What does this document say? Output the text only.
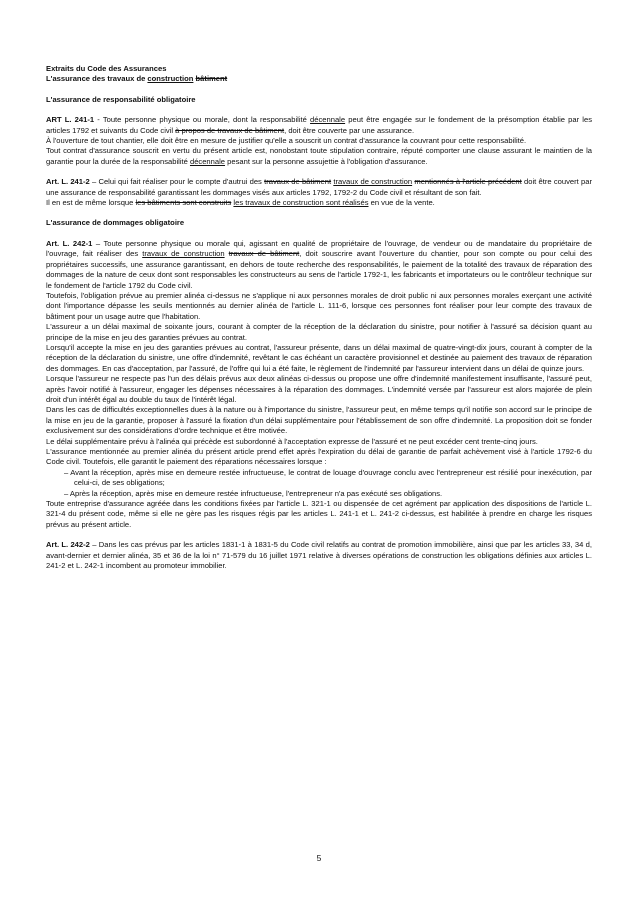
Extraits du Code des Assurances

L'assurance des travaux de construction bâtiment

L'assurance de responsabilité obligatoire

ART L. 241-1 - Toute personne physique ou morale, dont la responsabilité décennale peut être engagée sur le fondement de la présomption établie par les articles 1792 et suivants du Code civil à propos de travaux de bâtiment, doit être couverte par une assurance.

À l'ouverture de tout chantier, elle doit être en mesure de justifier qu'elle a souscrit un contrat d'assurance la couvrant pour cette responsabilité.

Tout contrat d'assurance souscrit en vertu du présent article est, nonobstant toute stipulation contraire, réputé comporter une clause assurant le maintien de la garantie pour la durée de la responsabilité décennale pesant sur la personne assujettie à l'obligation d'assurance.

Art. L. 241-2 – Celui qui fait réaliser pour le compte d'autrui des travaux de bâtiment travaux de construction mentionnés à l'article précédent doit être couvert par une assurance de responsabilité garantissant les dommages visés aux articles 1792, 1792-2 du Code civil et résultant de son fait.

Il en est de même lorsque les bâtiments sont construits les travaux de construction sont réalisés en vue de la vente.

L'assurance de dommages obligatoire

Art. L. 242-1 – Toute personne physique ou morale qui, agissant en qualité de propriétaire de l'ouvrage, de vendeur ou de mandataire du propriétaire de l'ouvrage, fait réaliser des travaux de construction travaux de bâtiment, doit souscrire avant l'ouverture du chantier, pour son compte ou pour celui des propriétaires successifs, une assurance garantissant, en dehors de toute recherche des responsabilités, le paiement de la totalité des travaux de réparation des dommages de la nature de ceux dont sont responsables les constructeurs au sens de l'article 1792-1, les fabricants et importateurs ou le contrôleur technique sur le fondement de l'article 1792 du Code civil.

Toutefois, l'obligation prévue au premier alinéa ci-dessus ne s'applique ni aux personnes morales de droit public ni aux personnes morales exerçant une activité dont l'importance dépasse les seuils mentionnés au dernier alinéa de l'article L. 111-6, lorsque ces personnes font réaliser pour leur compte des travaux de bâtiment pour un usage autre que l'habitation.

L'assureur a un délai maximal de soixante jours, courant à compter de la réception de la déclaration du sinistre, pour notifier à l'assuré sa décision quant au principe de la mise en jeu des garanties prévues au contrat.

Lorsqu'il accepte la mise en jeu des garanties prévues au contrat, l'assureur présente, dans un délai maximal de quatre-vingt-dix jours, courant à compter de la réception de la déclaration du sinistre, une offre d'indemnité, revêtant le cas échéant un caractère provisionnel et destinée au paiement des travaux de réparation des dommages. En cas d'acceptation, par l'assuré, de l'offre qui lui a été faite, le règlement de l'indemnité par l'assureur intervient dans un délai de quinze jours.

Lorsque l'assureur ne respecte pas l'un des délais prévus aux deux alinéas ci-dessus ou propose une offre d'indemnité manifestement insuffisante, l'assuré peut, après l'avoir notifié à l'assureur, engager les dépenses nécessaires à la réparation des dommages. L'indemnité versée par l'assureur est alors majorée de plein droit d'un intérêt égal au double du taux de l'intérêt légal.

Dans les cas de difficultés exceptionnelles dues à la nature ou à l'importance du sinistre, l'assureur peut, en même temps qu'il notifie son accord sur le principe de la mise en jeu de la garantie, proposer à l'assuré la fixation d'un délai supplémentaire pour l'établissement de son offre d'indemnité. La proposition doit se fonder exclusivement sur des considérations d'ordre technique et être motivée.

Le délai supplémentaire prévu à l'alinéa qui précède est subordonné à l'acceptation expresse de l'assuré et ne peut excéder cent trente-cinq jours.

L'assurance mentionnée au premier alinéa du présent article prend effet après l'expiration du délai de garantie de parfait achèvement visé à l'article 1792-6 du Code civil. Toutefois, elle garantit le paiement des réparations nécessaires lorsque :

– Avant la réception, après mise en demeure restée infructueuse, le contrat de louage d'ouvrage conclu avec l'entrepreneur est résilié pour inexécution, par celui-ci, de ses obligations;

– Après la réception, après mise en demeure restée infructueuse, l'entrepreneur n'a pas exécuté ses obligations.

Toute entreprise d'assurance agréée dans les conditions fixées par l'article L. 321-1 ou dispensée de cet agrément par application des dispositions de l'article L. 321-4 du présent code, même si elle ne gère pas les risques régis par les articles L. 241-1 et L. 241-2 ci-dessus, est habilitée à prendre en charge les risques prévus au présent article.

Art. L. 242-2 – Dans les cas prévus par les articles 1831-1 à 1831-5 du Code civil relatifs au contrat de promotion immobilière, ainsi que par les articles 33, 34 d, avant-dernier et dernier alinéa, 35 et 36 de la loi n° 71-579 du 16 juillet 1971 relative à diverses opérations de construction les obligations définies aux articles L. 241-2 et L. 242-1 incombent au promoteur immobilier.

5
